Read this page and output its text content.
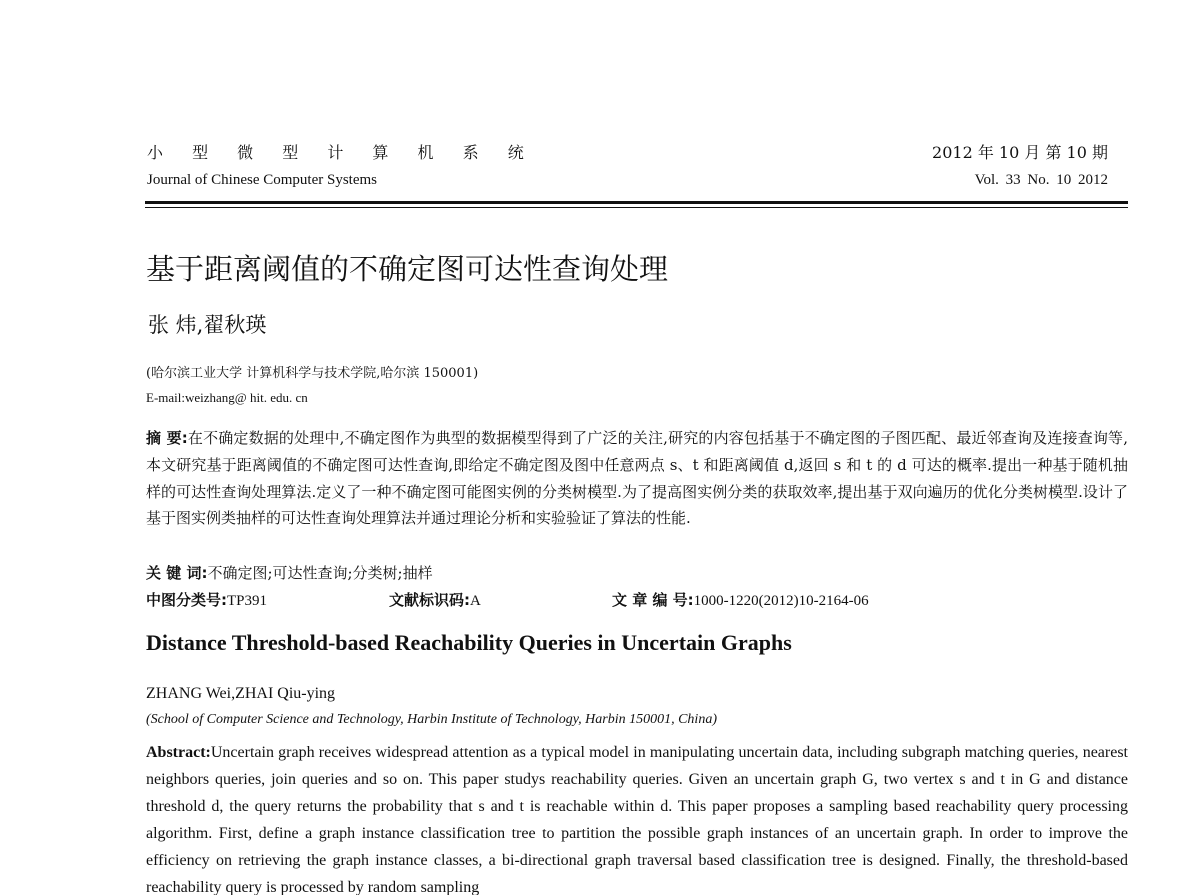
小 型 微 型 计 算 机 系 统
Journal of Chinese Computer Systems
2012 年 10 月 第 10 期
Vol. 33 No. 10 2012
基于距离阈值的不确定图可达性查询处理
张 炜,翟秋瑛
(哈尔滨工业大学 计算机科学与技术学院,哈尔滨 150001)
E-mail:weizhang@ hit. edu. cn
摘 要:在不确定数据的处理中,不确定图作为典型的数据模型得到了广泛的关注,研究的内容包括基于不确定图的子图匹配、最近邻查询及连接查询等,本文研究基于距离阈值的不确定图可达性查询,即给定不确定图及图中任意两点 s、t 和距离阈值 d,返回 s 和 t 的 d 可达的概率.提出一种基于随机抽样的可达性查询处理算法.定义了一种不确定图可能图实例的分类树模型.为了提高图实例分类的获取效率,提出基于双向遍历的优化分类树模型.设计了基于图实例类抽样的可达性查询处理算法并通过理论分析和实验验证了算法的性能.
关 键 词:不确定图;可达性查询;分类树;抽样
中图分类号:TP391	文献标识码:A	文 章 编 号:1000-1220(2012)10-2164-06
Distance Threshold-based Reachability Queries in Uncertain Graphs
ZHANG Wei,ZHAI Qiu-ying
(School of Computer Science and Technology, Harbin Institute of Technology, Harbin 150001, China)
Abstract:Uncertain graph receives widespread attention as a typical model in manipulating uncertain data, including subgraph matching queries, nearest neighbors queries, join queries and so on. This paper studys reachability queries. Given an uncertain graph G, two vertex s and t in G and distance threshold d, the query returns the probability that s and t is reachable within d. This paper proposes a sampling based reachability query processing algorithm. First, define a graph instance classification tree to partition the possible graph instances of an uncertain graph. In order to improve the efficiency on retrieving the graph instance classes, a bi-directional graph traversal based classification tree is designed. Finally, the threshold-based reachability query is processed by random sampling
